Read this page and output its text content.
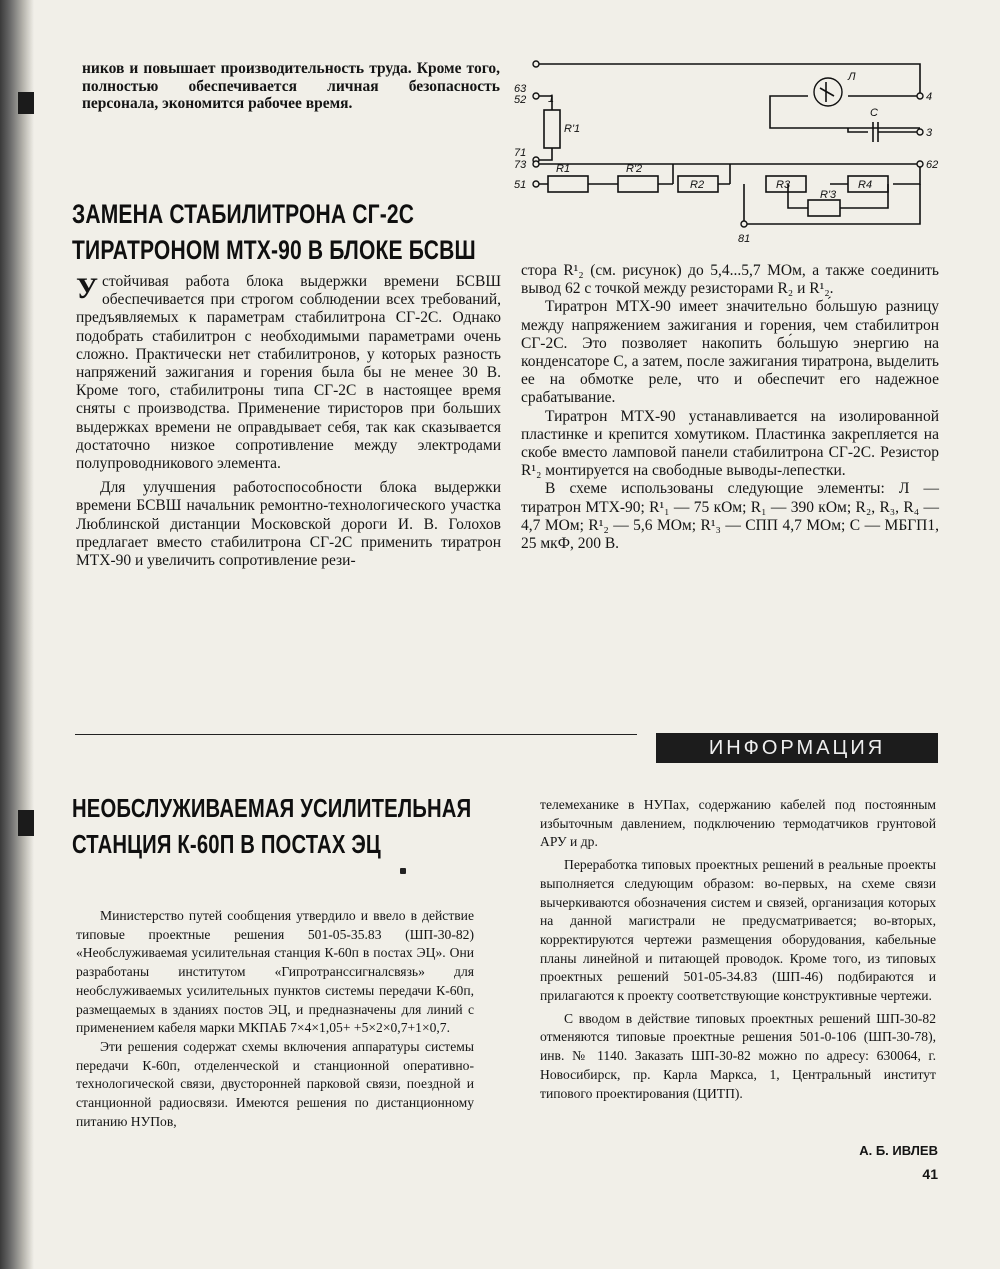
ников и повышает производительность труда. Кроме того, полностью обеспечивается личная безопасность персонала, экономится рабочее время.

ЗАМЕНА СТАБИЛИТРОНА СГ-2С
ТИРАТРОНОМ МТХ-90 В БЛОКЕ БСВШ

Устойчивая работа блока выдержки времени БСВШ обеспечивается при строгом соблюдении всех требований, предъявляемых к параметрам стабилитрона СГ-2С. Однако подобрать стабилитрон с необходимыми параметрами очень сложно. Практически нет стабилитронов, у которых разность напряжений зажигания и горения была бы не менее 30 В. Кроме того, стабилитроны типа СГ-2С в настоящее время сняты с производства. Применение тиристоров при больших выдержках времени не оправдывает себя, так как сказывается достаточно низкое сопротивление между электродами полупроводникового элемента.

Для улучшения работоспособности блока выдержки времени БСВШ начальник ремонтно-технологического участка Люблинской дистанции Московской дороги И. В. Голохов предлагает вместо стабилитрона СГ-2С применить тиратрон МТХ-90 и увеличить сопротивление рези-

63
52
71
73
51
4
3
62
81
1
Л
С
R'1
R1	R'2
R2	R3	R4
R'3

стора R¹₂ (см. рисунок) до 5,4...5,7 МОм, а также соединить вывод 62 с точкой между резисторами R₂ и R¹₂.

Тиратрон МТХ-90 имеет значительно бо́льшую разницу между напряжением зажигания и горения, чем стабилитрон СГ-2С. Это позволяет накопить бо́льшую энергию на конденсаторе С, а затем, после зажигания тиратрона, выделить ее на обмотке реле, что и обеспечит его надежное срабатывание.

Тиратрон МТХ-90 устанавливается на изолированной пластинке и крепится хомутиком. Пластинка закрепляется на скобе вместо ламповой панели стабилитрона СГ-2С. Резистор R¹₂ монтируется на свободные выводы-лепестки.

В схеме использованы следующие элементы: Л — тиратрон МТХ-90; R¹₁ — 75 кОм; R₁ — 390 кОм; R₂, R₃, R₄ — 4,7 МОм; R¹₂ — 5,6 МОм; R¹₃ — СПП 4,7 МОм; С — МБГП1, 25 мкФ, 200 В.

ИНФОРМАЦИЯ
НЕОБСЛУЖИВАЕМАЯ УСИЛИТЕЛЬНАЯ
СТАНЦИЯ К-60П В ПОСТАХ ЭЦ

Министерство путей сообщения утвердило и ввело в действие типовые проектные решения 501-05-35.83 (ШП-30-82) «Необслуживаемая усилительная станция К-60п в постах ЭЦ». Они разработаны институтом «Гипротранссигналсвязь» для необслуживаемых усилительных пунктов системы передачи К-60п, размещаемых в зданиях постов ЭЦ, и предназначены для линий с применением кабеля марки МКПАБ 7×4×1,05+ +5×2×0,7+1×0,7.

Эти решения содержат схемы включения аппаратуры системы передачи К-60п, отделенческой и станционной оперативно-технологической связи, двусторонней парковой связи, поездной и станционной радиосвязи. Имеются решения по дистанционному питанию НУПов,

телемеханике в НУПах, содержанию кабелей под постоянным избыточным давлением, подключению термодатчиков грунтовой АРУ и др.

Переработка типовых проектных решений в реальные проекты выполняется следующим образом: во-первых, на схеме связи вычеркиваются обозначения систем и связей, организация которых на данной магистрали не предусматривается; во-вторых, корректируются чертежи размещения оборудования, кабельные планы линейной и питающей проводок. Кроме того, из типовых проектных решений 501-05-34.83 (ШП-46) подбираются и прилагаются к проекту соответствующие конструктивные чертежи.

С вводом в действие типовых проектных решений ШП-30-82 отменяются типовые проектные решения 501-0-106 (ШП-30-78), инв. № 1140. Заказать ШП-30-82 можно по адресу: 630064, г. Новосибирск, пр. Карла Маркса, 1, Центральный институт типового проектирования (ЦИТП).

А. Б. ИВЛЕВ
41
